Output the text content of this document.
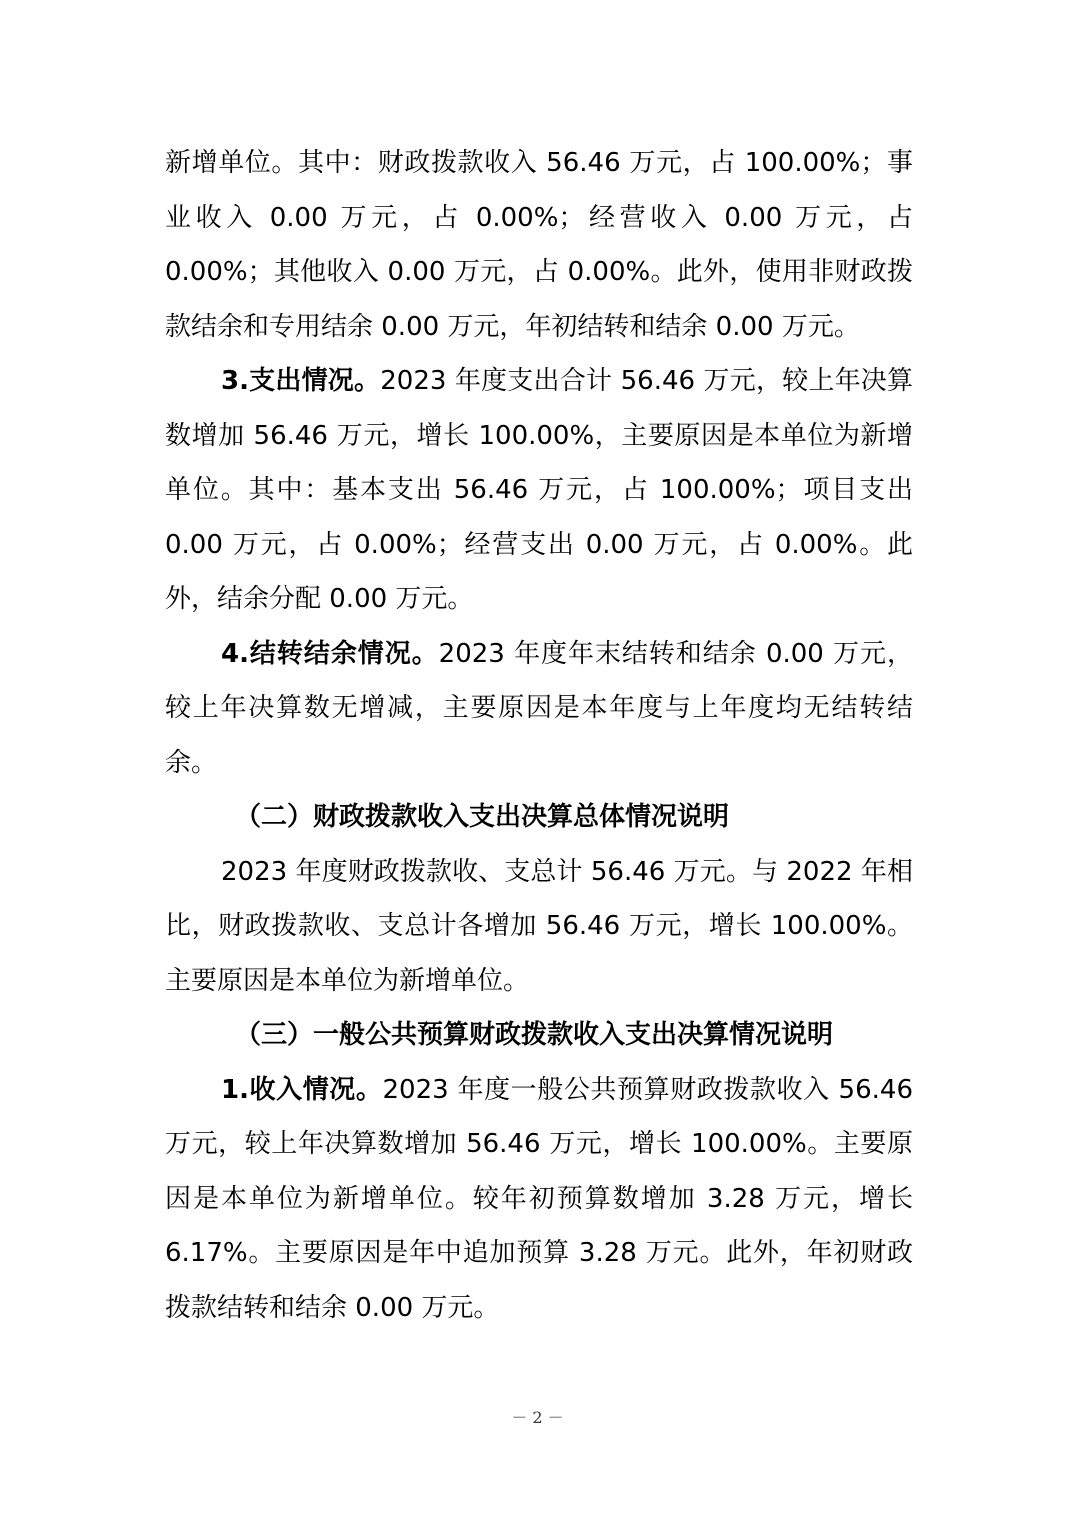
新增单位。其中：财政拨款收入 56.46 万元，占 100.00%；事业收入 0.00 万元，占 0.00%；经营收入 0.00 万元，占 0.00%；其他收入 0.00 万元，占 0.00%。此外，使用非财政拨款结余和专用结余 0.00 万元，年初结转和结余 0.00 万元。

3.支出情况。2023 年度支出合计 56.46 万元，较上年决算数增加 56.46 万元，增长 100.00%，主要原因是本单位为新增单位。其中：基本支出 56.46 万元，占 100.00%；项目支出 0.00 万元，占 0.00%；经营支出 0.00 万元，占 0.00%。此外，结余分配 0.00 万元。

4.结转结余情况。2023 年度年末结转和结余 0.00 万元，较上年决算数无增减，主要原因是本年度与上年度均无结转结余。

（二）财政拨款收入支出决算总体情况说明

2023 年度财政拨款收、支总计 56.46 万元。与 2022 年相比，财政拨款收、支总计各增加 56.46 万元，增长 100.00%。主要原因是本单位为新增单位。

（三）一般公共预算财政拨款收入支出决算情况说明

1.收入情况。2023 年度一般公共预算财政拨款收入 56.46 万元，较上年决算数增加 56.46 万元，增长 100.00%。主要原因是本单位为新增单位。较年初预算数增加 3.28 万元，增长 6.17%。主要原因是年中追加预算 3.28 万元。此外，年初财政拨款结转和结余 0.00 万元。

－ 2 －
